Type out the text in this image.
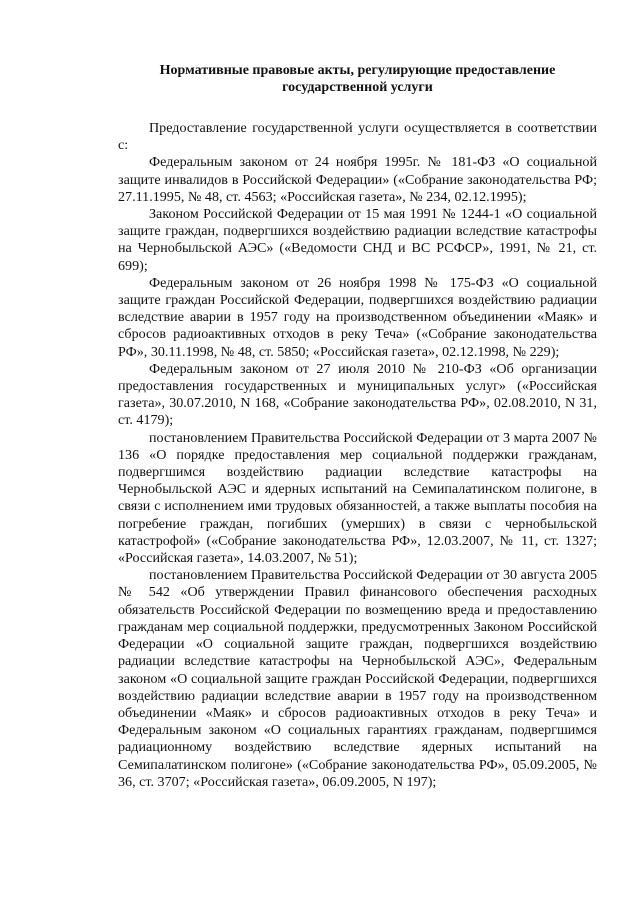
Нормативные правовые акты, регулирующие предоставление
государственной услуги

Предоставление государственной услуги осуществляется в соответствии с:

Федеральным законом от 24 ноября 1995г. № 181-ФЗ «О социальной защите инвалидов в Российской Федерации» («Собрание законодательства РФ; 27.11.1995, № 48, ст. 4563; «Российская газета», № 234, 02.12.1995);

Законом Российской Федерации от 15 мая 1991 № 1244-1 «О социальной защите граждан, подвергшихся воздействию радиации вследствие катастрофы на Чернобыльской АЭС» («Ведомости СНД и ВС РСФСР», 1991, № 21, ст. 699);

Федеральным законом от 26 ноября 1998 № 175-ФЗ «О социальной защите граждан Российской Федерации, подвергшихся воздействию радиации вследствие аварии в 1957 году на производственном объединении «Маяк» и сбросов радиоактивных отходов в реку Теча» («Собрание законодательства РФ», 30.11.1998, № 48, ст. 5850; «Российская газета», 02.12.1998, № 229);

Федеральным законом от 27 июля 2010 № 210-ФЗ «Об организации предоставления государственных и муниципальных услуг» («Российская газета», 30.07.2010, N 168, «Собрание законодательства РФ», 02.08.2010, N 31, ст. 4179);

постановлением Правительства Российской Федерации от 3 марта 2007 № 136 «О порядке предоставления мер социальной поддержки гражданам, подвергшимся воздействию радиации вследствие катастрофы на Чернобыльской АЭС и ядерных испытаний на Семипалатинском полигоне, в связи с исполнением ими трудовых обязанностей, а также выплаты пособия на погребение граждан, погибших (умерших) в связи с чернобыльской катастрофой» («Собрание законодательства РФ», 12.03.2007, № 11, ст. 1327; «Российская газета», 14.03.2007, № 51);

постановлением Правительства Российской Федерации от 30 августа 2005 № 542 «Об утверждении Правил финансового обеспечения расходных обязательств Российской Федерации по возмещению вреда и предоставлению гражданам мер социальной поддержки, предусмотренных Законом Российской Федерации «О социальной защите граждан, подвергшихся воздействию радиации вследствие катастрофы на Чернобыльской АЭС», Федеральным законом «О социальной защите граждан Российской Федерации, подвергшихся воздействию радиации вследствие аварии в 1957 году на производственном объединении «Маяк» и сбросов радиоактивных отходов в реку Теча» и Федеральным законом «О социальных гарантиях гражданам, подвергшимся радиационному воздействию вследствие ядерных испытаний на Семипалатинском полигоне» («Собрание законодательства РФ», 05.09.2005, № 36, ст. 3707; «Российская газета», 06.09.2005, N 197);
